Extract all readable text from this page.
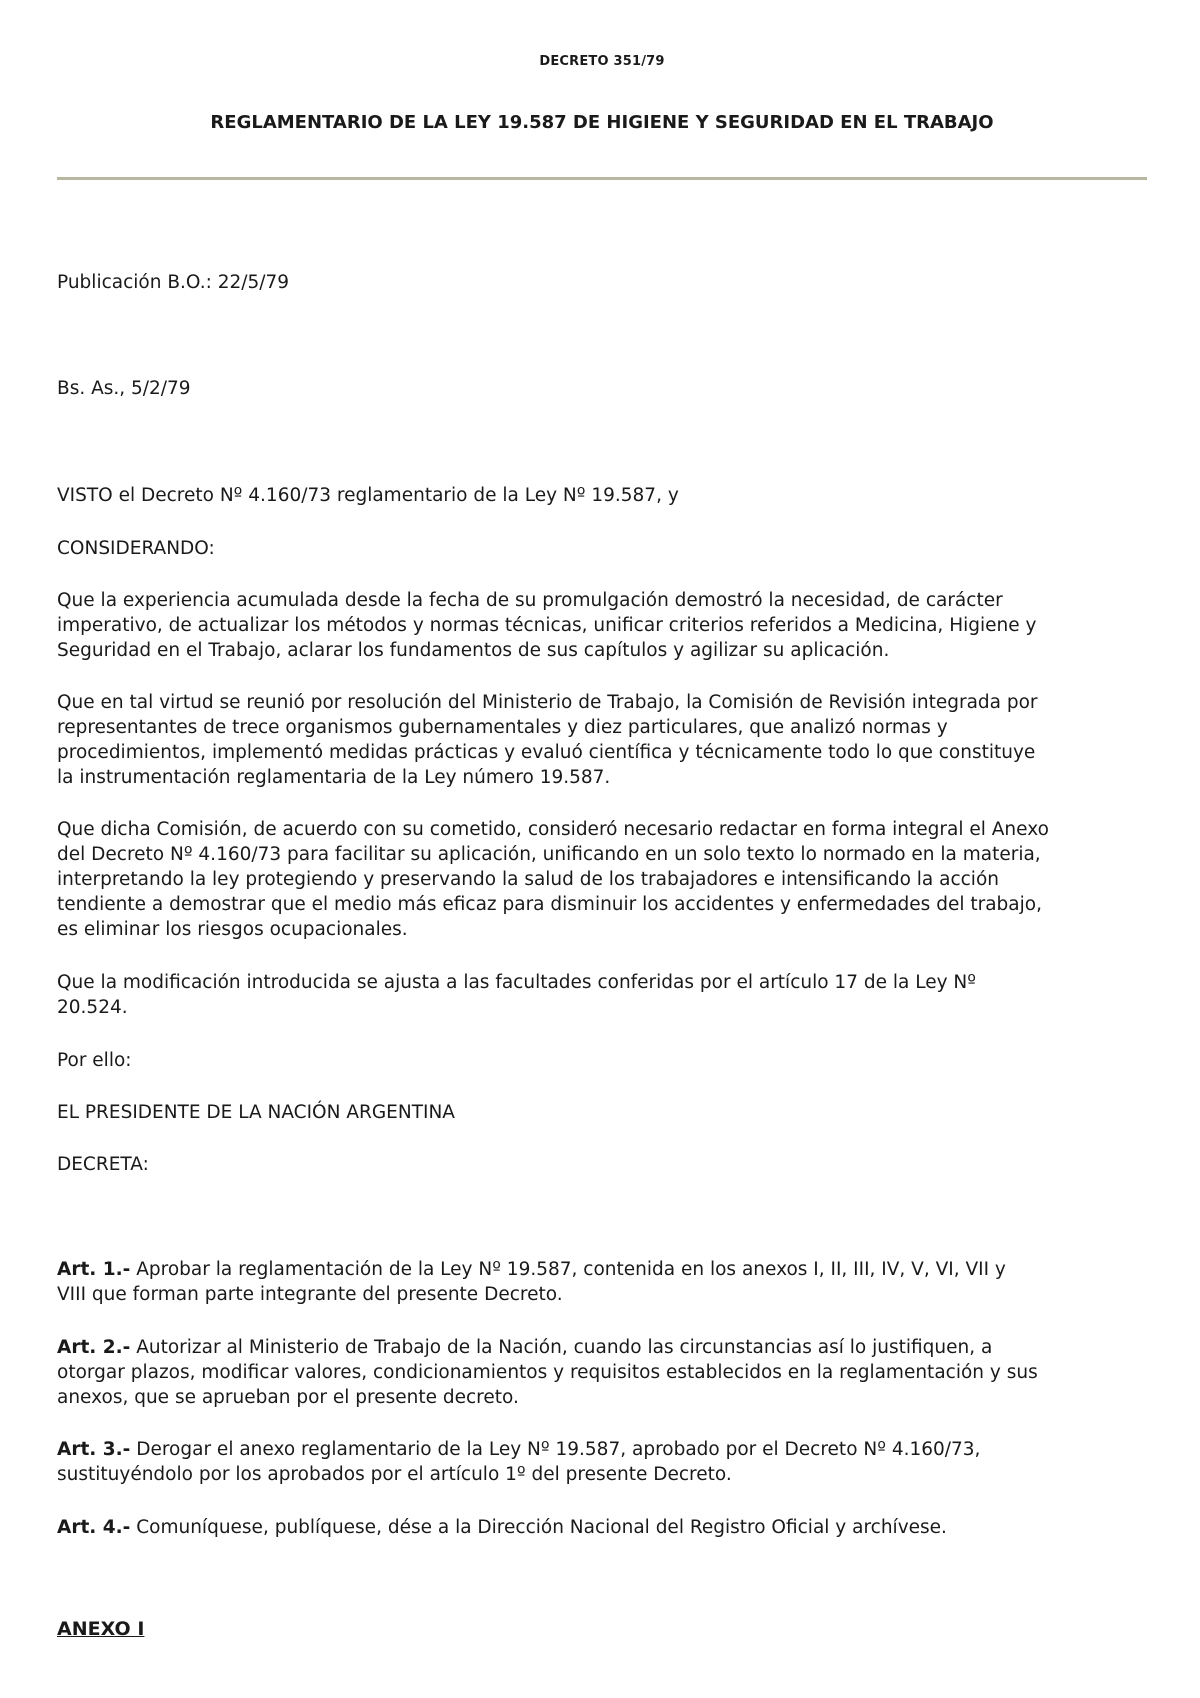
DECRETO 351/79
REGLAMENTARIO DE LA LEY 19.587 DE HIGIENE Y SEGURIDAD EN EL TRABAJO

Publicación B.O.: 22/5/79

Bs. As., 5/2/79

VISTO el Decreto Nº 4.160/73 reglamentario de la Ley Nº 19.587, y

CONSIDERANDO:

Que la experiencia acumulada desde la fecha de su promulgación demostró la necesidad, de carácter
imperativo, de actualizar los métodos y normas técnicas, unificar criterios referidos a Medicina, Higiene y
Seguridad en el Trabajo, aclarar los fundamentos de sus capítulos y agilizar su aplicación.
Que en tal virtud se reunió por resolución del Ministerio de Trabajo, la Comisión de Revisión integrada por
representantes de trece organismos gubernamentales y diez particulares, que analizó normas y
procedimientos, implementó medidas prácticas y evaluó científica y técnicamente todo lo que constituye
la instrumentación reglamentaria de la Ley número 19.587.
Que dicha Comisión, de acuerdo con su cometido, consideró necesario redactar en forma integral el Anexo
del Decreto Nº 4.160/73 para facilitar su aplicación, unificando en un solo texto lo normado en la materia,
interpretando la ley protegiendo y preservando la salud de los trabajadores e intensificando la acción
tendiente a demostrar que el medio más eficaz para disminuir los accidentes y enfermedades del trabajo,
es eliminar los riesgos ocupacionales.
Que la modificación introducida se ajusta a las facultades conferidas por el artículo 17 de la Ley Nº
20.524.

Por ello:

EL PRESIDENTE DE LA NACIÓN ARGENTINA

DECRETA:

Art. 1.- Aprobar la reglamentación de la Ley Nº 19.587, contenida en los anexos I, II, III, IV, V, VI, VII y
VIII que forman parte integrante del presente Decreto.
Art. 2.- Autorizar al Ministerio de Trabajo de la Nación, cuando las circunstancias así lo justifiquen, a
otorgar plazos, modificar valores, condicionamientos y requisitos establecidos en la reglamentación y sus
anexos, que se aprueban por el presente decreto.
Art. 3.- Derogar el anexo reglamentario de la Ley Nº 19.587, aprobado por el Decreto Nº 4.160/73,
sustituyéndolo por los aprobados por el artículo 1º del presente Decreto.
Art. 4.- Comuníquese, publíquese, dése a la Dirección Nacional del Registro Oficial y archívese.
ANEXO I
